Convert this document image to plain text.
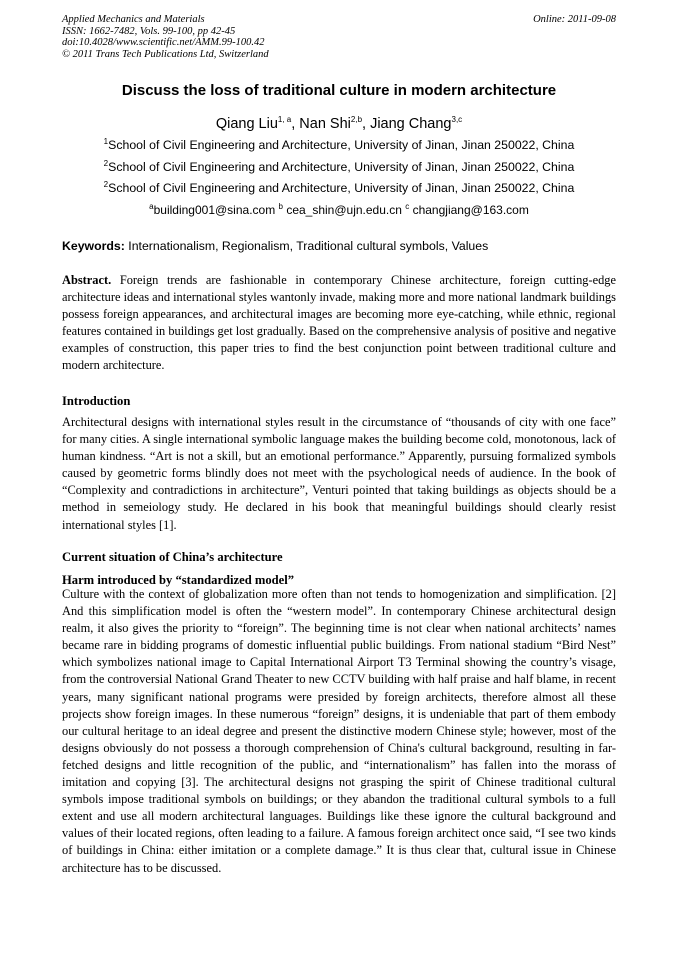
Applied Mechanics and Materials
ISSN: 1662-7482, Vols. 99-100, pp 42-45
doi:10.4028/www.scientific.net/AMM.99-100.42
© 2011 Trans Tech Publications Ltd, Switzerland
Online: 2011-09-08
Discuss the loss of traditional culture in modern architecture
Qiang Liu$^{1, a}$, Nan Shi$^{2,b}$, Jiang Chang$^{3,c}$
$^1$School of Civil Engineering and Architecture, University of Jinan, Jinan 250022, China
$^2$School of Civil Engineering and Architecture, University of Jinan, Jinan 250022, China
$^2$School of Civil Engineering and Architecture, University of Jinan, Jinan 250022, China
$^a$building001@sina.com $^b$ cea_shin@ujn.edu.cn $^c$ changjiang@163.com
Keywords: Internationalism, Regionalism, Traditional cultural symbols, Values
Abstract. Foreign trends are fashionable in contemporary Chinese architecture, foreign cutting-edge architecture ideas and international styles wantonly invade, making more and more national landmark buildings possess foreign appearances, and architectural images are becoming more eye-catching, while ethnic, regional features contained in buildings get lost gradually. Based on the comprehensive analysis of positive and negative examples of construction, this paper tries to find the best conjunction point between traditional culture and modern architecture.
Introduction
Architectural designs with international styles result in the circumstance of “thousands of city with one face” for many cities. A single international symbolic language makes the building become cold, monotonous, lack of human kindness. “Art is not a skill, but an emotional performance.” Apparently, pursuing formalized symbols caused by geometric forms blindly does not meet with the psychological needs of audience. In the book of “Complexity and contradictions in architecture”, Venturi pointed that taking buildings as objects should be a method in semeiology study. He declared in his book that meaningful buildings should clearly resist international styles [1].
Current situation of China’s architecture
Harm introduced by “standardized model”
Culture with the context of globalization more often than not tends to homogenization and simplification. [2] And this simplification model is often the “western model”. In contemporary Chinese architectural design realm, it also gives the priority to “foreign”. The beginning time is not clear when national architects’ names became rare in bidding programs of domestic influential public buildings. From national stadium “Bird Nest” which symbolizes national image to Capital International Airport T3 Terminal showing the country’s visage, from the controversial National Grand Theater to new CCTV building with half praise and half blame, in recent years, many significant national programs were presided by foreign architects, therefore almost all these projects show foreign images. In these numerous “foreign” designs, it is undeniable that part of them embody our cultural heritage to an ideal degree and present the distinctive modern Chinese style; however, most of the designs obviously do not possess a thorough comprehension of China's cultural background, resulting in far-fetched designs and little recognition of the public, and “internationalism” has fallen into the morass of imitation and copying [3]. The architectural designs not grasping the spirit of Chinese traditional cultural symbols impose traditional symbols on buildings; or they abandon the traditional cultural symbols to a full extent and use all modern architectural languages. Buildings like these ignore the cultural background and values of their located regions, often leading to a failure. A famous foreign architect once said, “I see two kinds of buildings in China: either imitation or a complete damage.” It is thus clear that, cultural issue in Chinese architecture has to be discussed.
